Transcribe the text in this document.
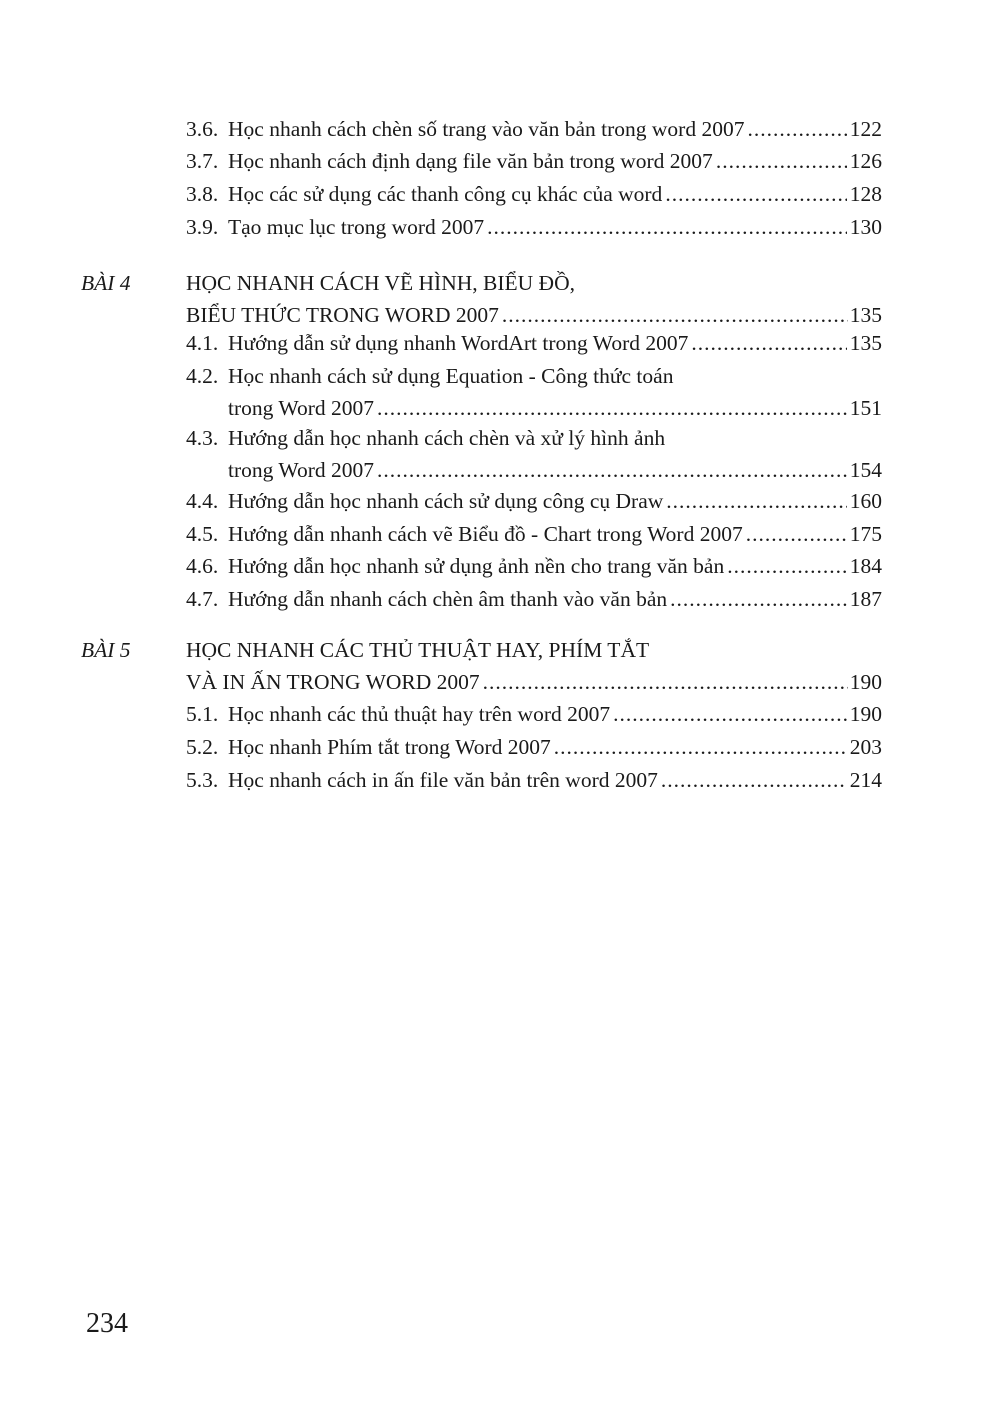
3.6. Học nhanh cách chèn số trang vào văn bản trong word 2007 .....	122
3.7. Học nhanh cách định dạng file văn bản trong word 2007 .....	126
3.8. Học các sử dụng các thanh công cụ khác của word .....	128
3.9. Tạo mục lục trong word 2007 .....	130
BÀI 4	HỌC NHANH CÁCH VẼ HÌNH, BIỂU ĐỒ,
BIỂU THỨC TRONG WORD 2007 .....	135
4.1. Hướng dẫn sử dụng nhanh WordArt trong Word 2007 .....	135
4.2. Học nhanh cách sử dụng Equation - Công thức toán
trong Word 2007 .....	151
4.3. Hướng dẫn học nhanh cách chèn và xử lý hình ảnh
trong Word 2007 .....	154
4.4. Hướng dẫn học nhanh cách sử dụng công cụ Draw .....	160
4.5. Hướng dẫn nhanh cách vẽ Biểu đồ - Chart trong Word 2007 .....	175
4.6. Hướng dẫn học nhanh sử dụng ảnh nền cho trang văn bản .....	184
4.7. Hướng dẫn nhanh cách chèn âm thanh vào văn bản .....	187
BÀI 5	HỌC NHANH CÁC THỦ THUẬT HAY, PHÍM TẮT
VÀ IN ẤN TRONG WORD 2007 .....	190
5.1. Học nhanh các thủ thuật hay trên word 2007 .....	190
5.2. Học nhanh Phím tắt trong Word 2007 .....	203
5.3. Học nhanh cách in ấn file văn bản trên word 2007 .....	214
234
